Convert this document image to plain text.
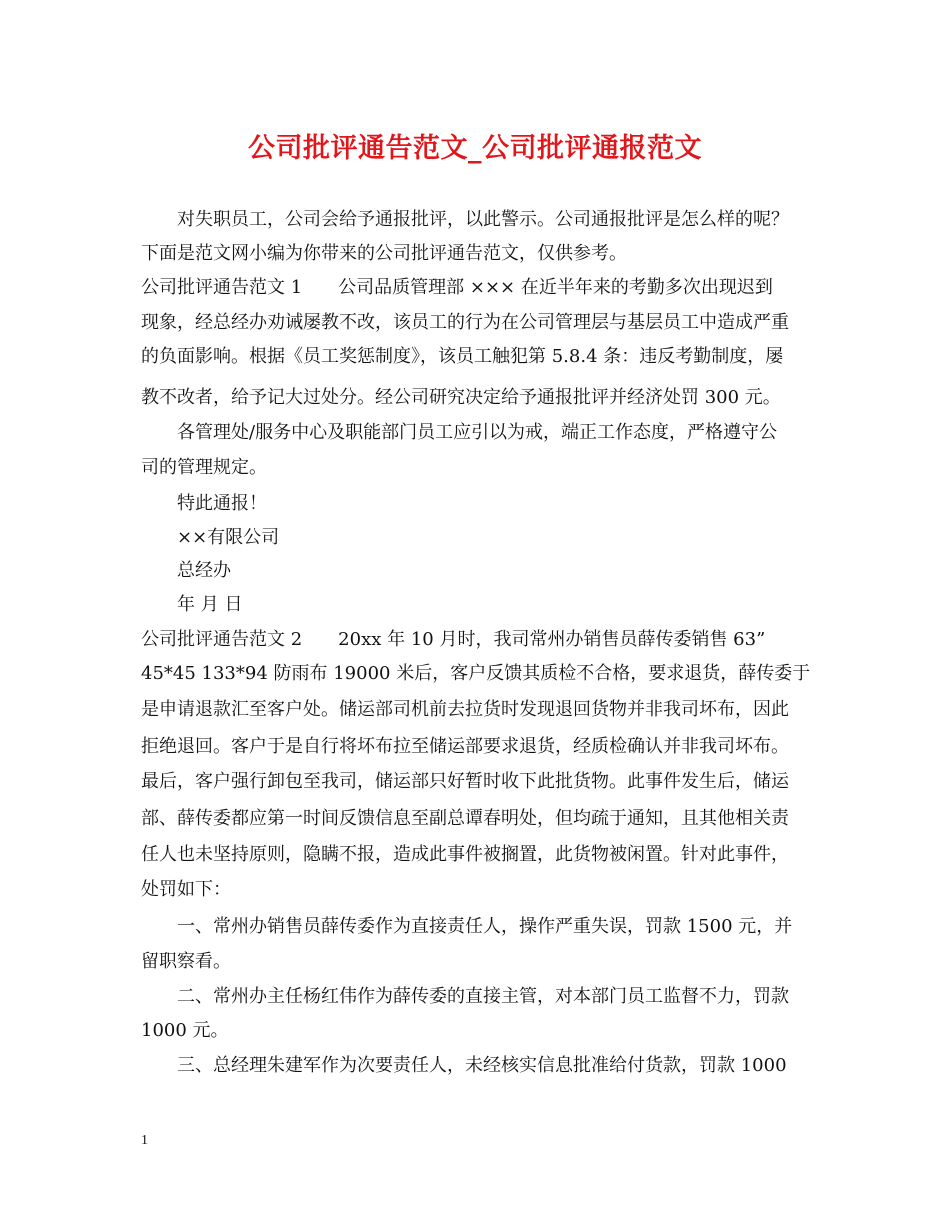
公司批评通告范文_公司批评通报范文
　　对失职员工，公司会给予通报批评，以此警示。公司通报批评是怎么样的呢？
下面是范文网小编为你带来的公司批评通告范文，仅供参考。
公司批评通告范文 1　　公司品质管理部 ××× 在近半年来的考勤多次出现迟到
现象，经总经办劝诫屡教不改，该员工的行为在公司管理层与基层员工中造成严重
的负面影响。根据《员工奖惩制度》，该员工触犯第 5.8.4 条：违反考勤制度，屡
教不改者，给予记大过处分。经公司研究决定给予通报批评并经济处罚 300 元。
　　各管理处/服务中心及职能部门员工应引以为戒，端正工作态度，严格遵守公
司的管理规定。
　　特此通报！
　　××有限公司
　　总经办
　　年 月 日
公司批评通告范文 2　　20xx 年 10 月时，我司常州办销售员薛传委销售 63”
45*45 133*94 防雨布 19000 米后，客户反馈其质检不合格，要求退货，薛传委于
是申请退款汇至客户处。储运部司机前去拉货时发现退回货物并非我司坏布，因此
拒绝退回。客户于是自行将坏布拉至储运部要求退货，经质检确认并非我司坏布。
最后，客户强行卸包至我司，储运部只好暂时收下此批货物。此事件发生后，储运
部、薛传委都应第一时间反馈信息至副总谭春明处，但均疏于通知，且其他相关责
任人也未坚持原则，隐瞒不报，造成此事件被搁置，此货物被闲置。针对此事件，
处罚如下：
　　一、常州办销售员薛传委作为直接责任人，操作严重失误，罚款 1500 元，并
留职察看。
　　二、常州办主任杨红伟作为薛传委的直接主管，对本部门员工监督不力，罚款
1000 元。
　　三、总经理朱建军作为次要责任人，未经核实信息批准给付货款，罚款 1000
1
